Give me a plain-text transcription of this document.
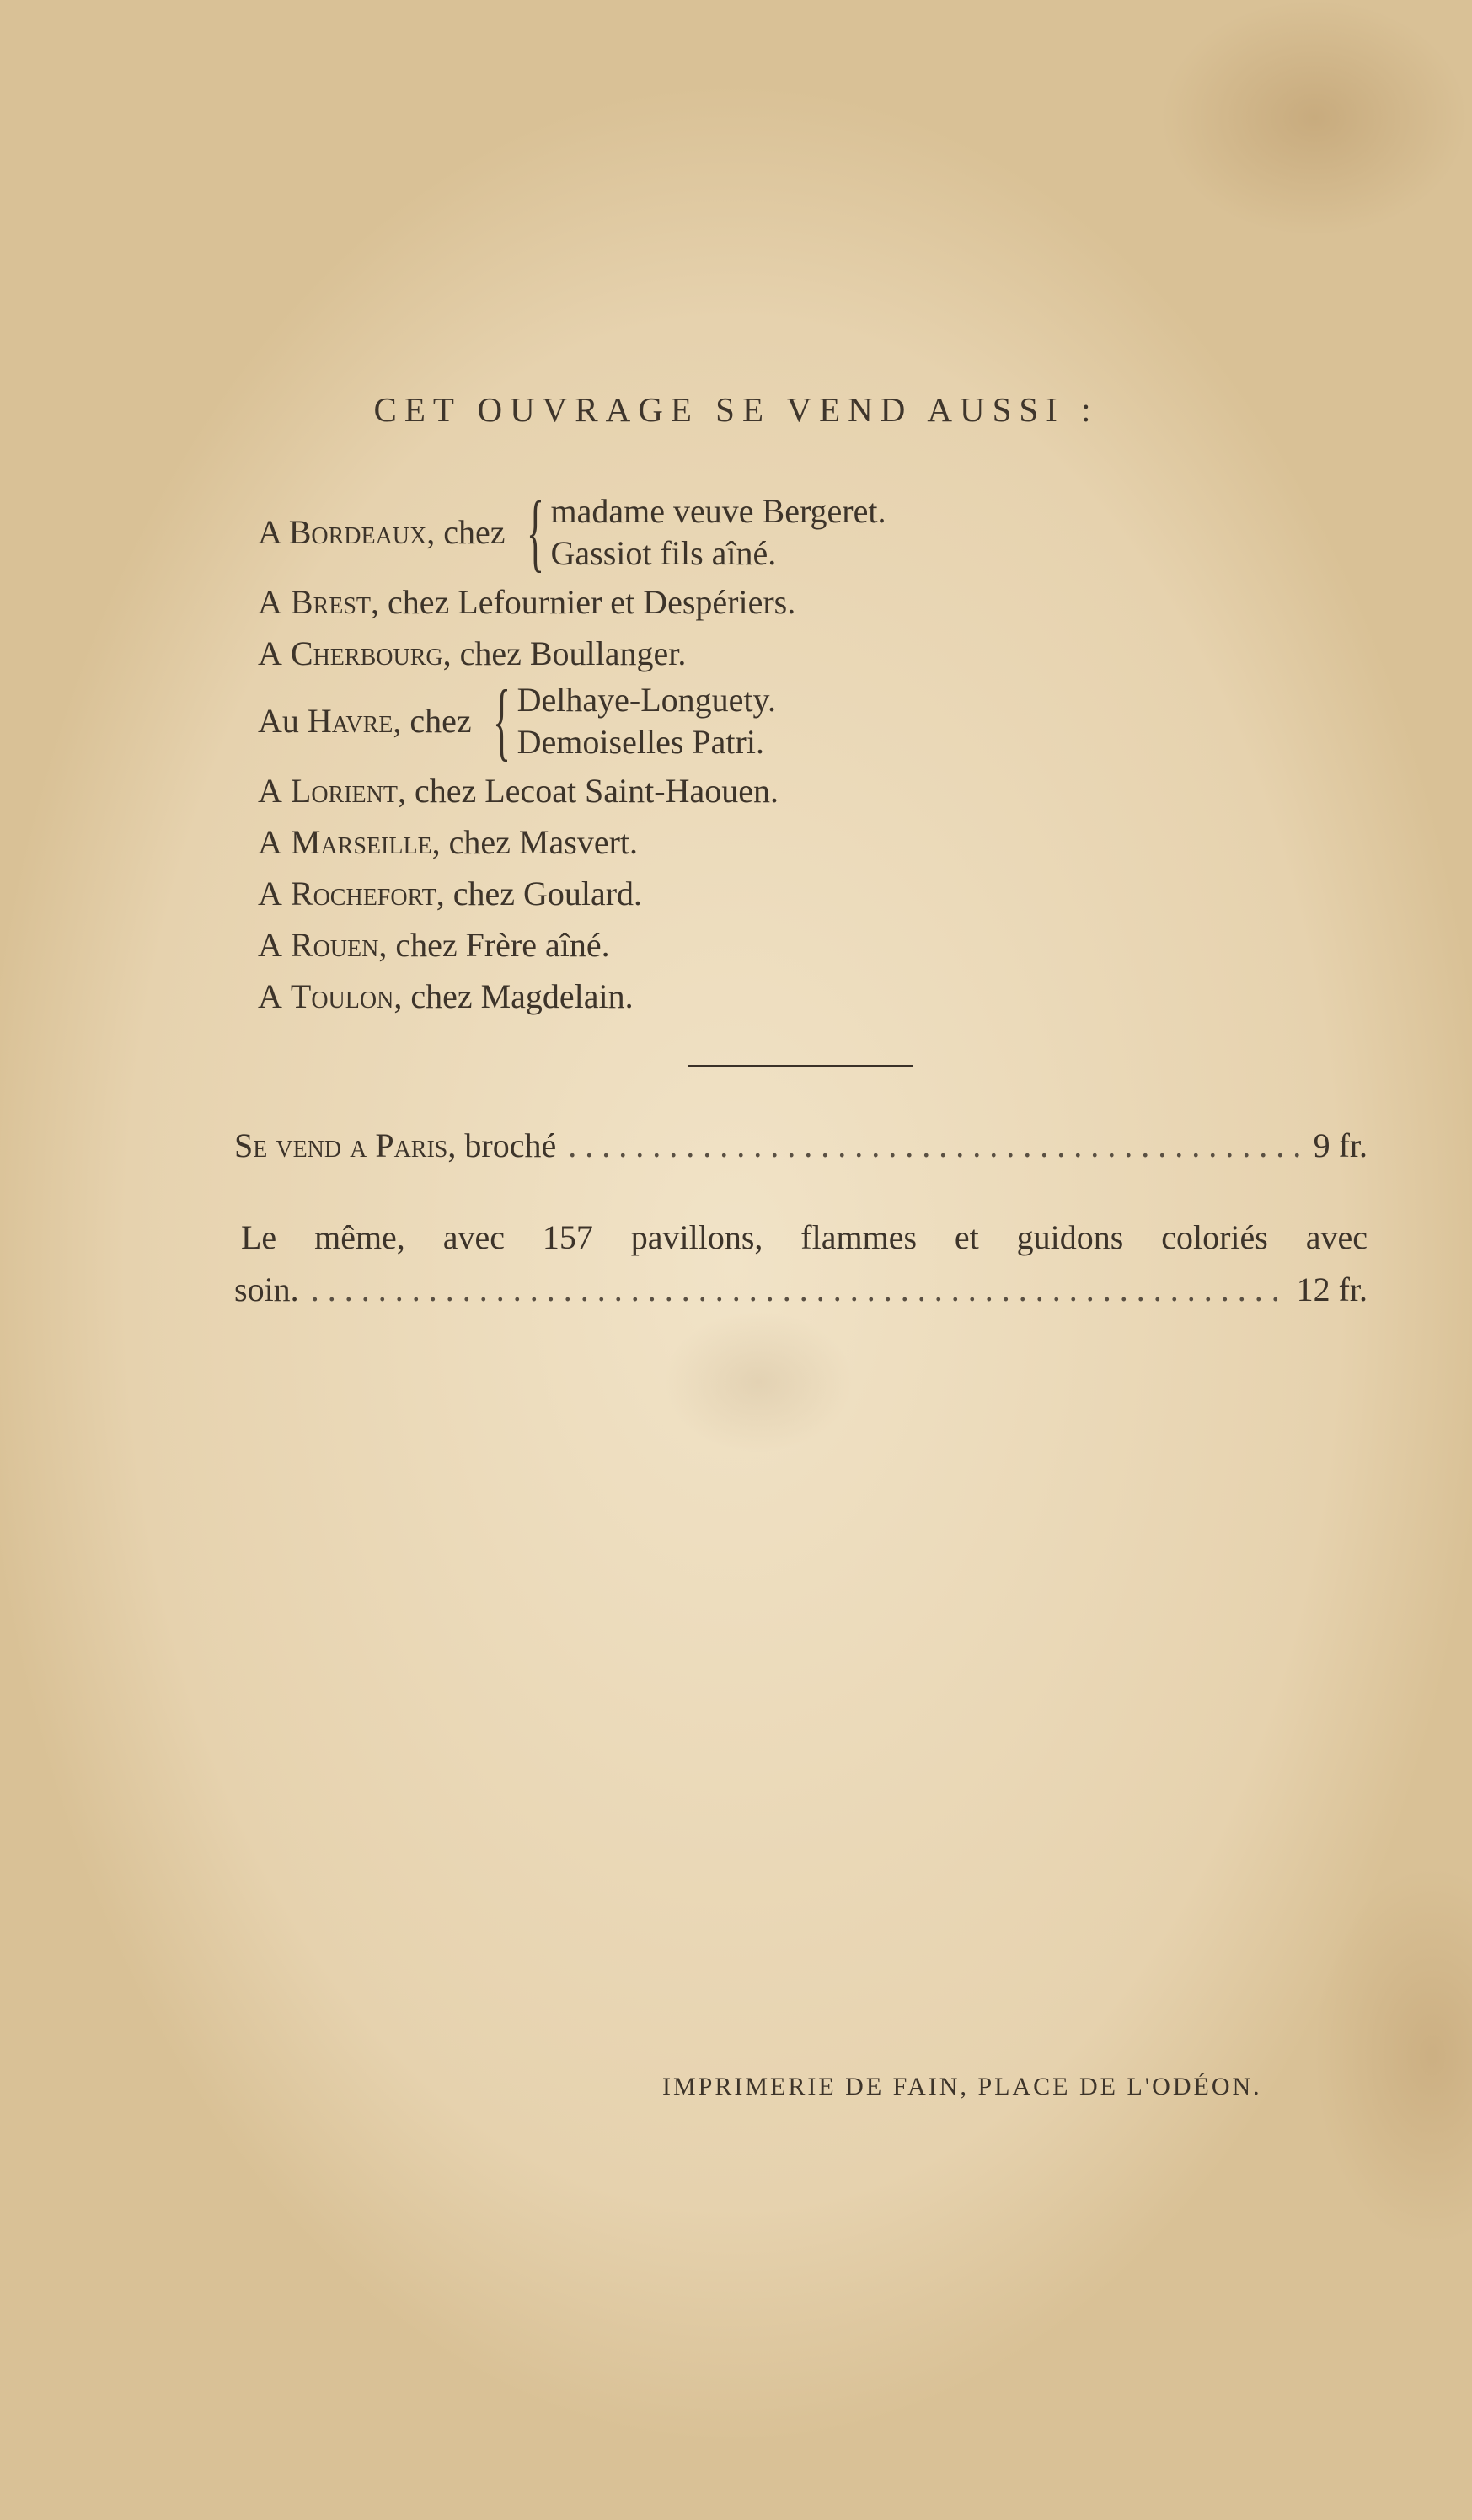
CET OUVRAGE SE VEND AUSSI :
A Bordeaux, chez { madame veuve Bergeret.
Gassiot fils aîné.
A
Brest , chez Lefournier et Despériers.
A
Cherbourg , chez Boullanger.
Au Havre, chez { Delhaye-Longuety.
Demoiselles Patri.
A
Lorient , chez Lecoat Saint-Haouen.
A
Marseille , chez Masvert.
A
Rochefort , chez Goulard.
A
Rouen , chez Frère aîné.
A
Toulon , chez Magdelain.
Se vend a Paris, broché .....	9 fr.
Le même, avec 157 pavillons, flammes et guidons coloriés avec
soin. .....	12 fr.
IMPRIMERIE DE FAIN, PLACE DE L'ODÉON.
